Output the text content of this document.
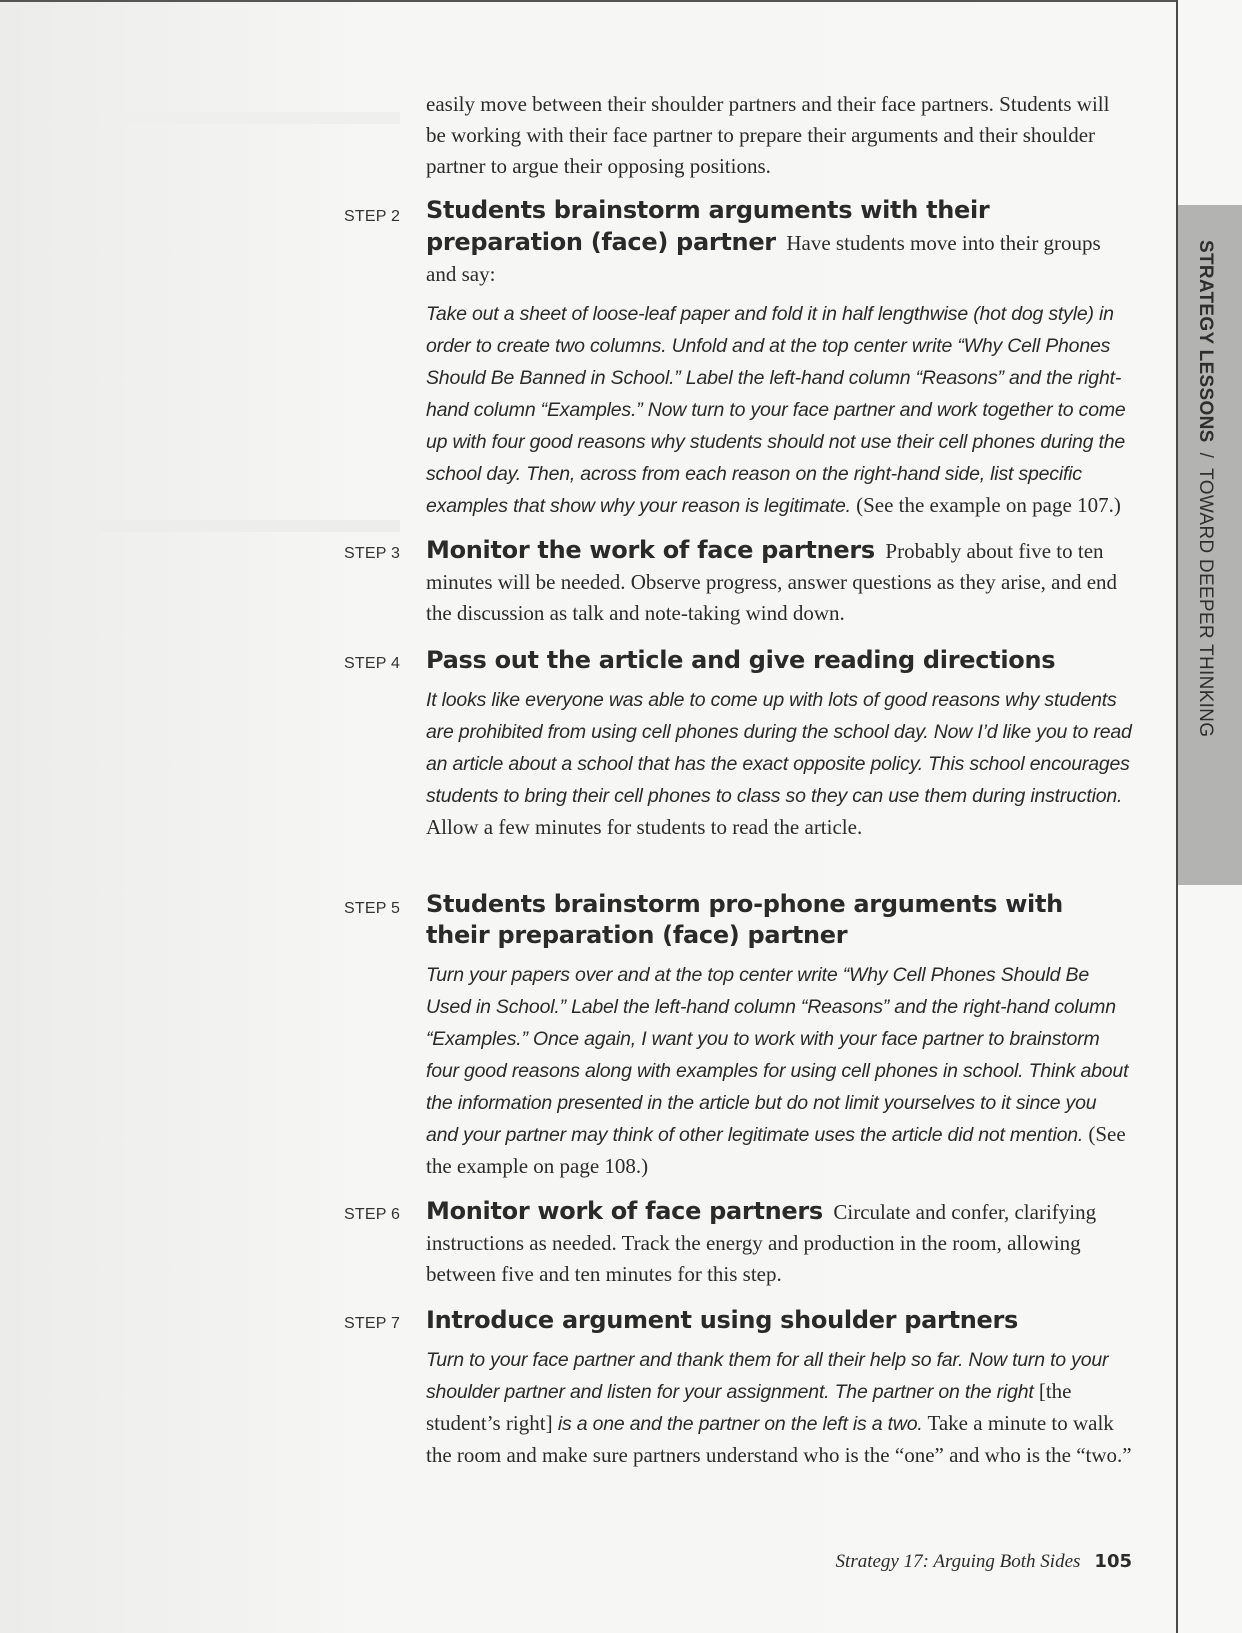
STRATEGY LESSONS/TOWARD DEEPER THINKING
easily move between their shoulder partners and their face partners. Students will be working with their face partner to prepare their arguments and their shoulder partner to argue their opposing positions.
STEP 2 Students brainstorm arguments with their preparation (face) partner Have students move into their groups and say:
Take out a sheet of loose-leaf paper and fold it in half lengthwise (hot dog style) in order to create two columns. Unfold and at the top center write “Why Cell Phones Should Be Banned in School.” Label the left-hand column “Reasons” and the right-hand column “Examples.” Now turn to your face partner and work together to come up with four good reasons why students should not use their cell phones during the school day. Then, across from each reason on the right-hand side, list specific examples that show why your reason is legitimate. (See the example on page 107.)
STEP 3 Monitor the work of face partners Probably about five to ten minutes will be needed. Observe progress, answer questions as they arise, and end the discussion as talk and note-taking wind down.
STEP 4 Pass out the article and give reading directions
It looks like everyone was able to come up with lots of good reasons why students are prohibited from using cell phones during the school day. Now I’d like you to read an article about a school that has the exact opposite policy. This school encourages students to bring their cell phones to class so they can use them during instruction. Allow a few minutes for students to read the article.
STEP 5 Students brainstorm pro-phone arguments with their preparation (face) partner
Turn your papers over and at the top center write “Why Cell Phones Should Be Used in School.” Label the left-hand column “Reasons” and the right-hand column “Examples.” Once again, I want you to work with your face partner to brainstorm four good reasons along with examples for using cell phones in school. Think about the information presented in the article but do not limit yourselves to it since you and your partner may think of other legitimate uses the article did not mention. (See the example on page 108.)
STEP 6 Monitor work of face partners Circulate and confer, clarifying instructions as needed. Track the energy and production in the room, allowing between five and ten minutes for this step.
STEP 7 Introduce argument using shoulder partners
Turn to your face partner and thank them for all their help so far. Now turn to your shoulder partner and listen for your assignment. The partner on the right [the student’s right] is a one and the partner on the left is a two. Take a minute to walk the room and make sure partners understand who is the “one” and who is the “two.”
Strategy 17: Arguing Both Sides 105
